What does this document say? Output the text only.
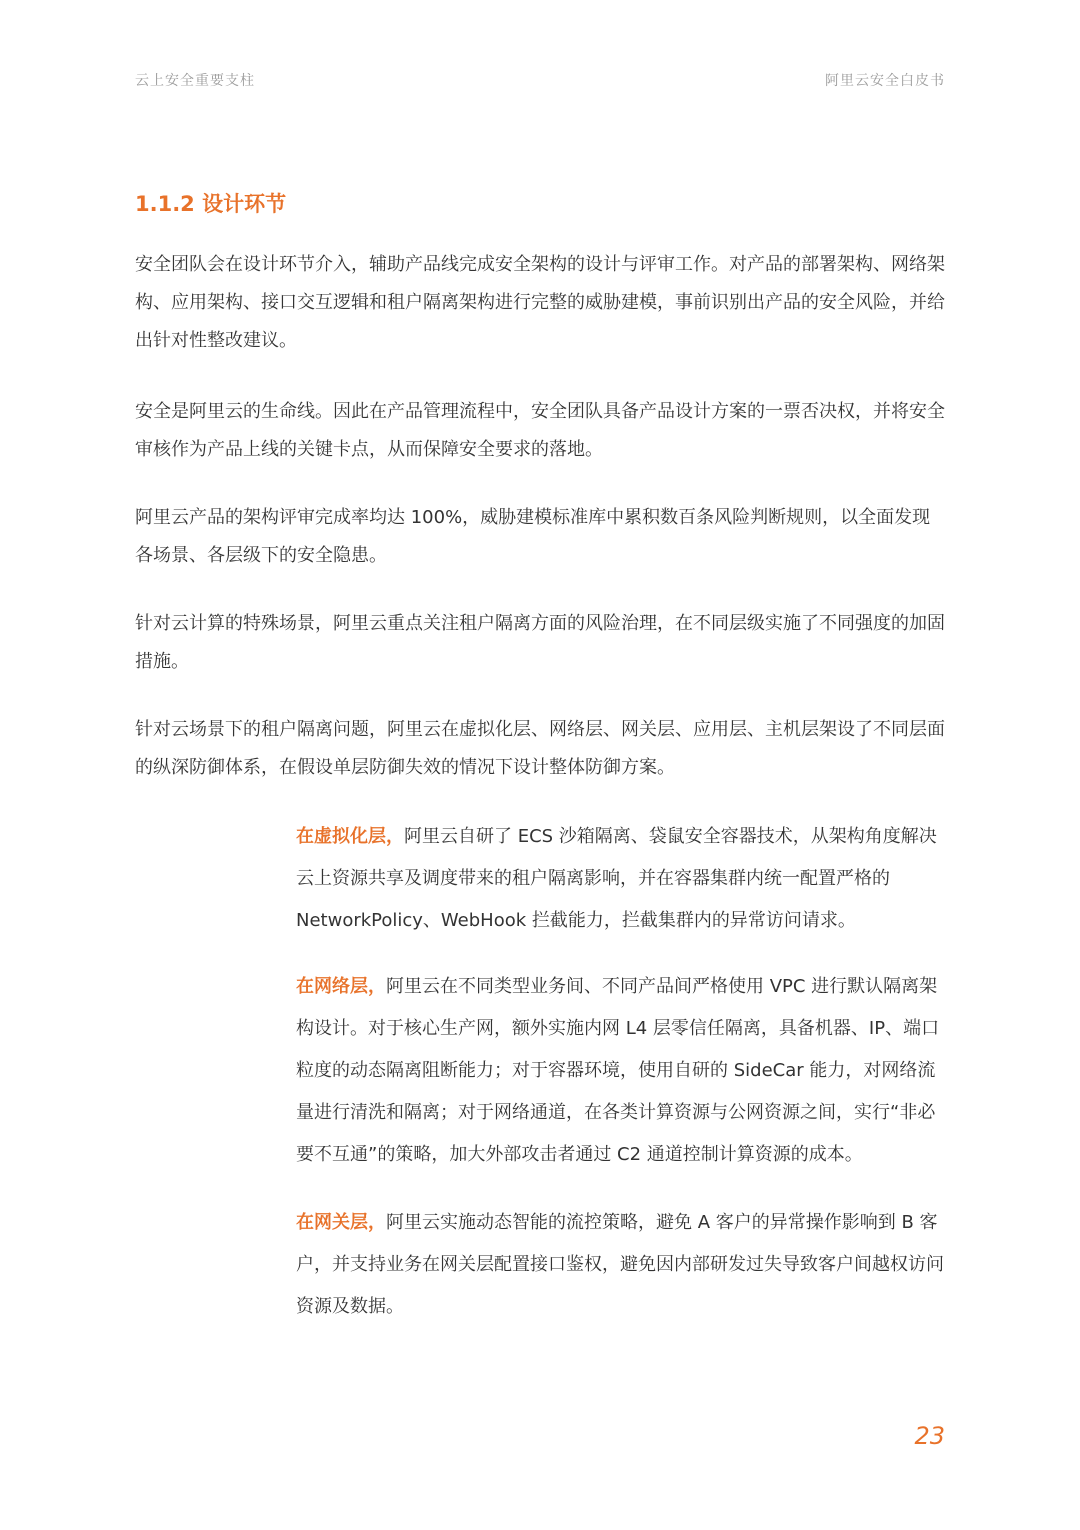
云上安全重要支柱	阿里云安全白皮书
1.1.2 设计环节

安全团队会在设计环节介入，辅助产品线完成安全架构的设计与评审工作。对产品的部署架构、网络架构、应用架构、接口交互逻辑和租户隔离架构进行完整的威胁建模，事前识别出产品的安全风险，并给出针对性整改建议。

安全是阿里云的生命线。因此在产品管理流程中，安全团队具备产品设计方案的一票否决权，并将安全审核作为产品上线的关键卡点，从而保障安全要求的落地。

阿里云产品的架构评审完成率均达 100%，威胁建模标准库中累积数百条风险判断规则，以全面发现各场景、各层级下的安全隐患。

针对云计算的特殊场景，阿里云重点关注租户隔离方面的风险治理，在不同层级实施了不同强度的加固措施。

针对云场景下的租户隔离问题，阿里云在虚拟化层、网络层、网关层、应用层、主机层架设了不同层面的纵深防御体系，在假设单层防御失效的情况下设计整体防御方案。

在虚拟化层，阿里云自研了 ECS 沙箱隔离、袋鼠安全容器技术，从架构角度解决云上资源共享及调度带来的租户隔离影响，并在容器集群内统一配置严格的 NetworkPolicy、WebHook 拦截能力，拦截集群内的异常访问请求。

在网络层，阿里云在不同类型业务间、不同产品间严格使用 VPC 进行默认隔离架构设计。对于核心生产网，额外实施内网 L4 层零信任隔离，具备机器、IP、端口粒度的动态隔离阻断能力；对于容器环境，使用自研的 SideCar 能力，对网络流量进行清洗和隔离；对于网络通道，在各类计算资源与公网资源之间，实行“非必要不互通”的策略，加大外部攻击者通过 C2 通道控制计算资源的成本。

在网关层，阿里云实施动态智能的流控策略，避免 A 客户的异常操作影响到 B 客户，并支持业务在网关层配置接口鉴权，避免因内部研发过失导致客户间越权访问资源及数据。

23
